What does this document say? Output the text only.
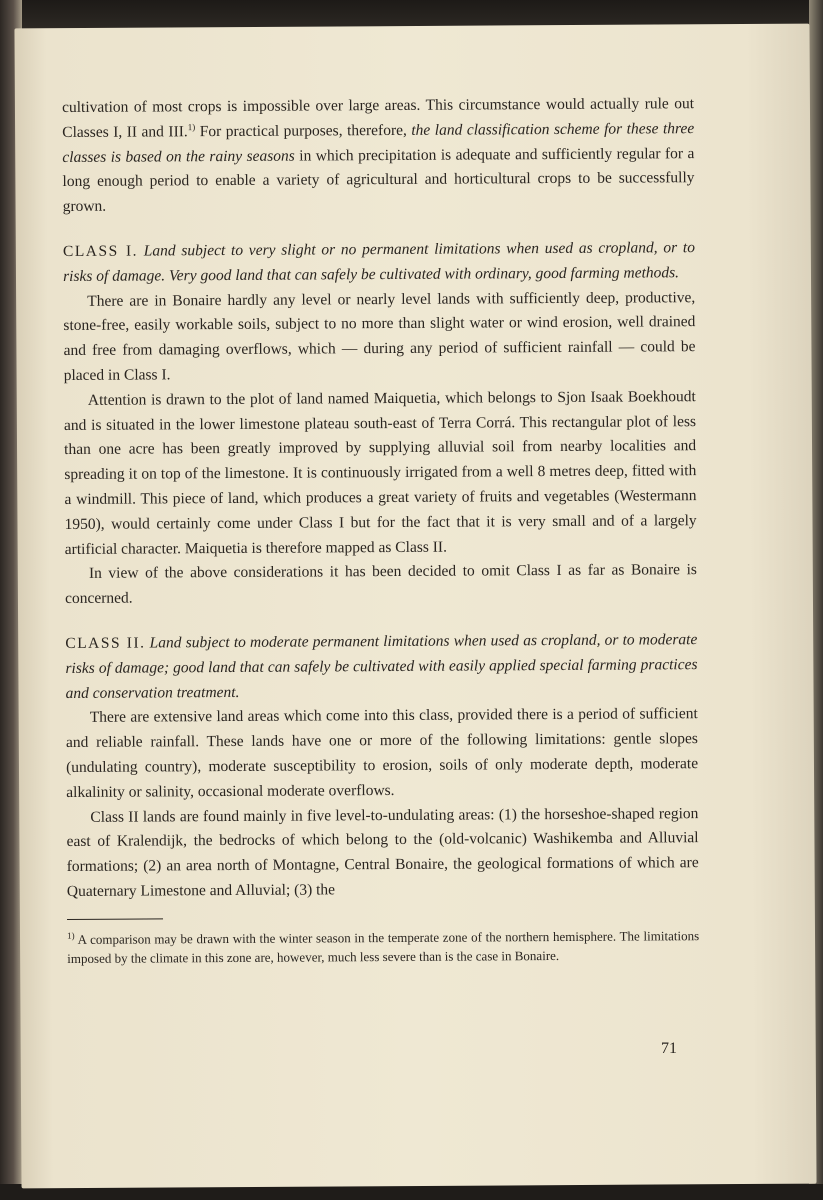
cultivation of most crops is impossible over large areas. This circumstance would actually rule out Classes I, II and III.$^{1)}$ For practical purposes, therefore, the land classification scheme for these three classes is based on the rainy seasons in which precipitation is adequate and sufficiently regular for a long enough period to enable a variety of agricultural and horticultural crops to be successfully grown.

CLASS I. Land subject to very slight or no permanent limitations when used as cropland, or to risks of damage. Very good land that can safely be cultivated with ordinary, good farming methods.

There are in Bonaire hardly any level or nearly level lands with sufficiently deep, productive, stone-free, easily workable soils, subject to no more than slight water or wind erosion, well drained and free from damaging overflows, which — during any period of sufficient rainfall — could be placed in Class I.

Attention is drawn to the plot of land named Maiquetia, which belongs to Sjon Isaak Boekhoudt and is situated in the lower limestone plateau south-east of Terra Corrá. This rectangular plot of less than one acre has been greatly improved by supplying alluvial soil from nearby localities and spreading it on top of the limestone. It is continuously irrigated from a well 8 metres deep, fitted with a windmill. This piece of land, which produces a great variety of fruits and vegetables (Westermann 1950), would certainly come under Class I but for the fact that it is very small and of a largely artificial character. Maiquetia is therefore mapped as Class II.

In view of the above considerations it has been decided to omit Class I as far as Bonaire is concerned.

CLASS II. Land subject to moderate permanent limitations when used as cropland, or to moderate risks of damage; good land that can safely be cultivated with easily applied special farming practices and conservation treatment.

There are extensive land areas which come into this class, provided there is a period of sufficient and reliable rainfall. These lands have one or more of the following limitations: gentle slopes (undulating country), moderate susceptibility to erosion, soils of only moderate depth, moderate alkalinity or salinity, occasional moderate overflows.

Class II lands are found mainly in five level-to-undulating areas: (1) the horseshoe-shaped region east of Kralendijk, the bedrocks of which belong to the (old-volcanic) Washikemba and Alluvial formations; (2) an area north of Montagne, Central Bonaire, the geological formations of which are Quaternary Limestone and Alluvial; (3) the

$^{1)}$ A comparison may be drawn with the winter season in the temperate zone of the northern hemisphere. The limitations imposed by the climate in this zone are, however, much less severe than is the case in Bonaire.

71
